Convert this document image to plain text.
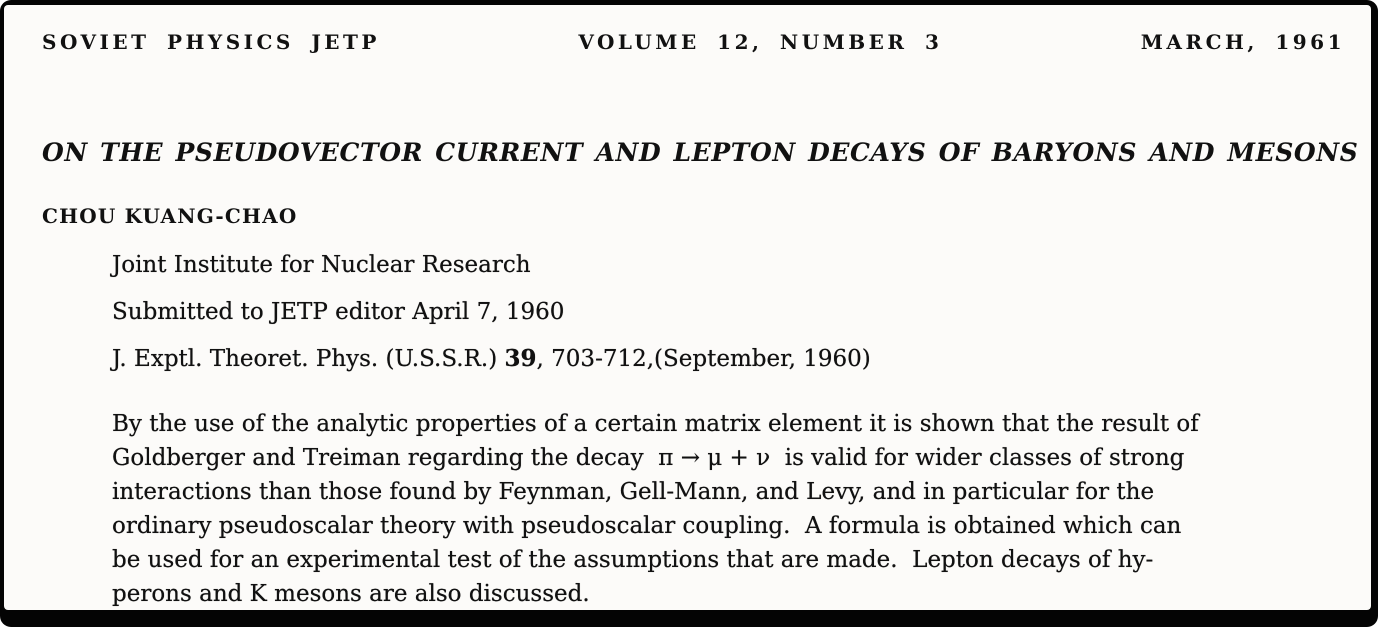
SOVIET PHYSICS JETP	VOLUME 12, NUMBER 3	MARCH, 1961
ON THE PSEUDOVECTOR CURRENT AND LEPTON DECAYS OF BARYONS AND MESONS
CHOU KUANG-CHAO
Joint Institute for Nuclear Research
Submitted to JETP editor April 7, 1960
J. Exptl. Theoret. Phys. (U.S.S.R.) 39, 703-712,(September, 1960)
By the use of the analytic properties of a certain matrix element it is shown that the result of
Goldberger and Treiman regarding the decay  π → μ + ν  is valid for wider classes of strong
interactions than those found by Feynman, Gell-Mann, and Levy, and in particular for the
ordinary pseudoscalar theory with pseudoscalar coupling.  A formula is obtained which can
be used for an experimental test of the assumptions that are made.  Lepton decays of hy-
perons and K mesons are also discussed.
